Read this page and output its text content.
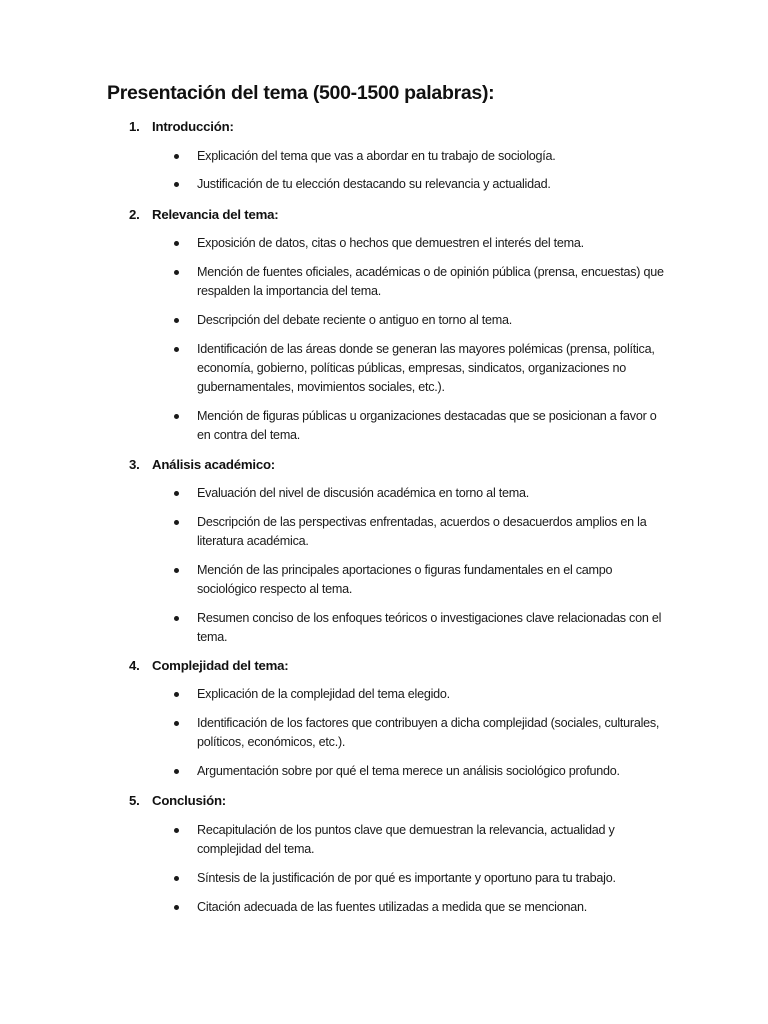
Presentación del tema (500-1500 palabras):
1. Introducción:
Explicación del tema que vas a abordar en tu trabajo de sociología.
Justificación de tu elección destacando su relevancia y actualidad.
2. Relevancia del tema:
Exposición de datos, citas o hechos que demuestren el interés del tema.
Mención de fuentes oficiales, académicas o de opinión pública (prensa, encuestas) que respalden la importancia del tema.
Descripción del debate reciente o antiguo en torno al tema.
Identificación de las áreas donde se generan las mayores polémicas (prensa, política, economía, gobierno, políticas públicas, empresas, sindicatos, organizaciones no gubernamentales, movimientos sociales, etc.).
Mención de figuras públicas u organizaciones destacadas que se posicionan a favor o en contra del tema.
3. Análisis académico:
Evaluación del nivel de discusión académica en torno al tema.
Descripción de las perspectivas enfrentadas, acuerdos o desacuerdos amplios en la literatura académica.
Mención de las principales aportaciones o figuras fundamentales en el campo sociológico respecto al tema.
Resumen conciso de los enfoques teóricos o investigaciones clave relacionadas con el tema.
4. Complejidad del tema:
Explicación de la complejidad del tema elegido.
Identificación de los factores que contribuyen a dicha complejidad (sociales, culturales, políticos, económicos, etc.).
Argumentación sobre por qué el tema merece un análisis sociológico profundo.
5. Conclusión:
Recapitulación de los puntos clave que demuestran la relevancia, actualidad y complejidad del tema.
Síntesis de la justificación de por qué es importante y oportuno para tu trabajo.
Citación adecuada de las fuentes utilizadas a medida que se mencionan.
